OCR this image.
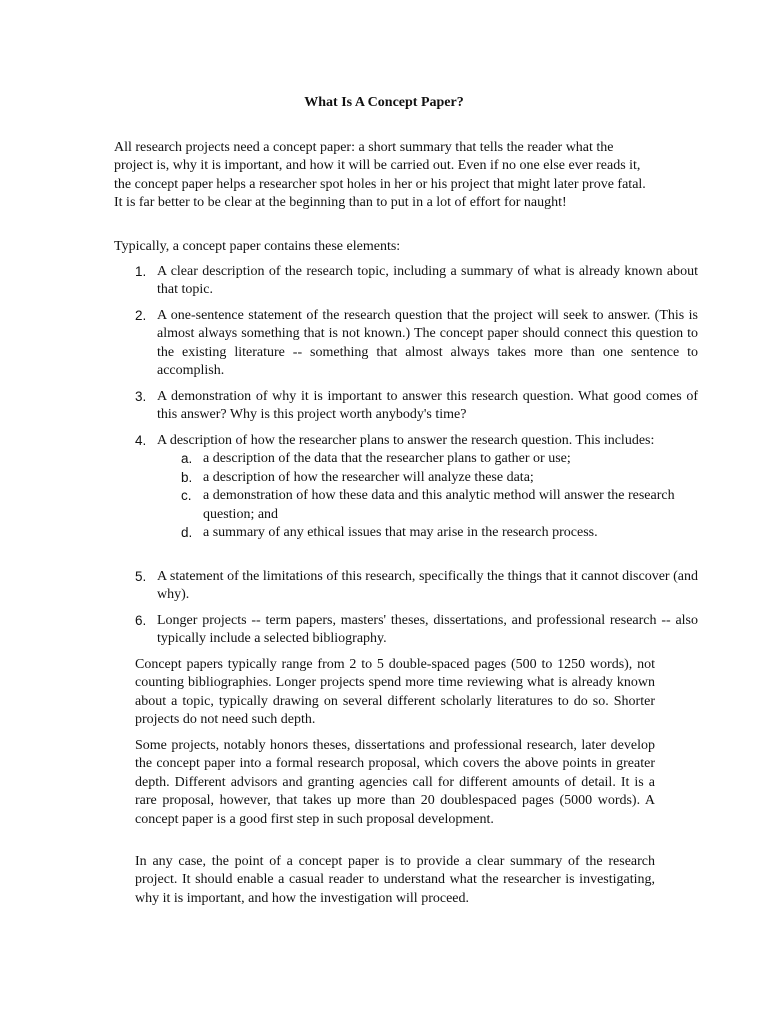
What Is A Concept Paper?

All research projects need a concept paper: a short summary that tells the reader what the project is, why it is important, and how it will be carried out. Even if no one else ever reads it, the concept paper helps a researcher spot holes in her or his project that might later prove fatal. It is far better to be clear at the beginning than to put in a lot of effort for naught!

Typically, a concept paper contains these elements:

1. A clear description of the research topic, including a summary of what is already known about that topic.
2. A one-sentence statement of the research question that the project will seek to answer. (This is almost always something that is not known.) The concept paper should connect this question to the existing literature -- something that almost always takes more than one sentence to accomplish.
3. A demonstration of why it is important to answer this research question. What good comes of this answer? Why is this project worth anybody's time?
4. A description of how the researcher plans to answer the research question. This includes:
a. a description of the data that the researcher plans to gather or use;
b. a description of how the researcher will analyze these data;
c. a demonstration of how these data and this analytic method will answer the research question; and
d. a summary of any ethical issues that may arise in the research process.
5. A statement of the limitations of this research, specifically the things that it cannot discover (and why).
6. Longer projects -- term papers, masters' theses, dissertations, and professional research -- also typically include a selected bibliography.

Concept papers typically range from 2 to 5 double-spaced pages (500 to 1250 words), not counting bibliographies. Longer projects spend more time reviewing what is already known about a topic, typically drawing on several different scholarly literatures to do so. Shorter projects do not need such depth.

Some projects, notably honors theses, dissertations and professional research, later develop the concept paper into a formal research proposal, which covers the above points in greater depth. Different advisors and granting agencies call for different amounts of detail. It is a rare proposal, however, that takes up more than 20 doublespaced pages (5000 words). A concept paper is a good first step in such proposal development.

In any case, the point of a concept paper is to provide a clear summary of the research project. It should enable a casual reader to understand what the researcher is investigating, why it is important, and how the investigation will proceed.
